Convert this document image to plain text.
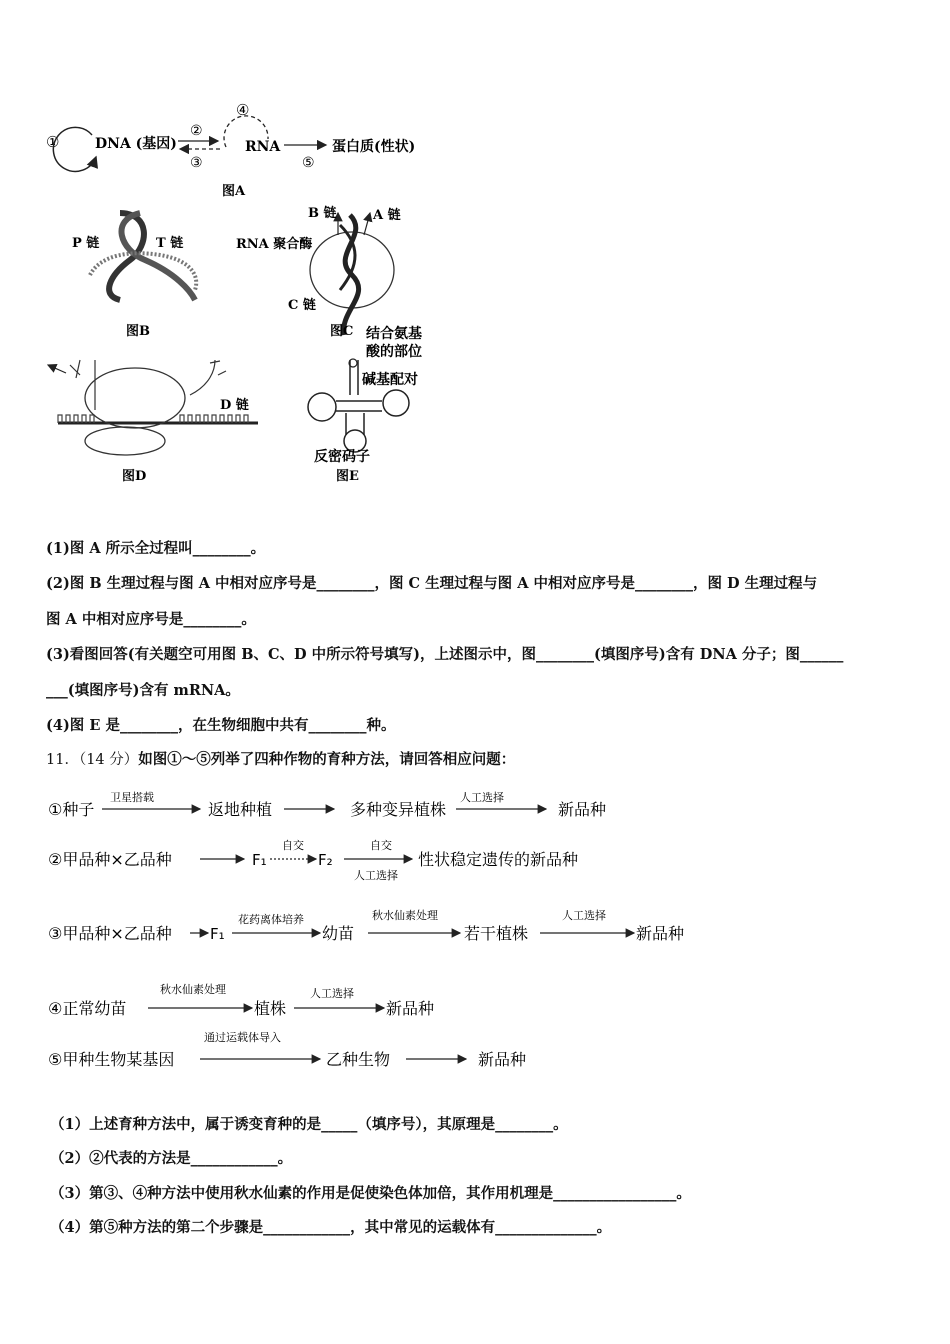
①	DNA (基因)
②
③
④
RNA
⑤
蛋白质(性状)
图A
P 链	T 链
图B
B 链	A 链
RNA 聚合酶
C 链
图C
D 链
图D
结合氨基
酸的部位
碱基配对
反密码子
图E
(1)图 A 所示全过程叫________。
(2)图 B 生理过程与图 A 中相对应序号是________，图 C 生理过程与图 A 中相对应序号是________，图 D 生理过程与
图 A 中相对应序号是________。
(3)看图回答(有关题空可用图 B、C、D 中所示符号填写)，上述图示中，图________(填图序号)含有 DNA 分子；图______
___(填图序号)含有 mRNA。
(4)图 E 是________，在生物细胞中共有________种。
11．（14 分）如图①～⑤列举了四种作物的育种方法，请回答相应问题：
①种子
卫星搭载
返地种植	多种变异植株
人工选择
新品种
②甲品种×乙品种	F₁
自交
F₂
自交
人工选择
性状稳定遗传的新品种
③甲品种×乙品种	F₁
花药离体培养
幼苗
秋水仙素处理
若干植株
人工选择
新品种
④正常幼苗
秋水仙素处理
植株
人工选择
新品种
⑤甲种生物某基因
通过运载体导入
乙种生物	新品种
（1）上述育种方法中，属于诱变育种的是_____（填序号），其原理是________。
（2）②代表的方法是____________。
（3）第③、④种方法中使用秋水仙素的作用是促使染色体加倍，其作用机理是_________________。
（4）第⑤种方法的第二个步骤是____________，其中常见的运载体有______________。
